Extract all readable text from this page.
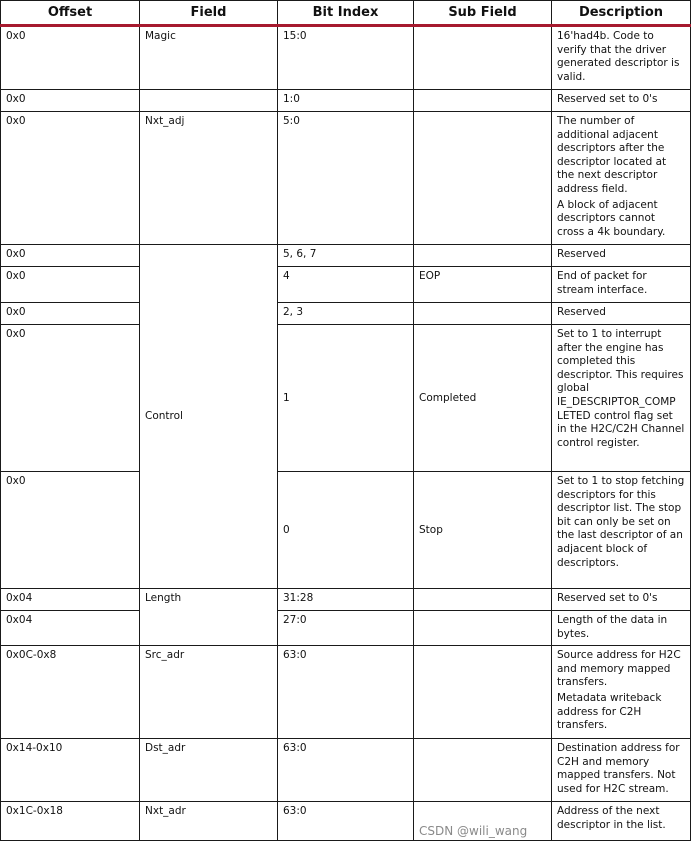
Offset	Field	Bit Index	Sub Field	Description
0x0	Magic	15:0		16'had4b. Code to verify that the driver generated descriptor is valid.

0x0		1:0		Reserved set to 0's

0x0	Nxt_adj	5:0		The number of additional adjacent descriptors after the descriptor located at the next descriptor address field.

A block of adjacent descriptors cannot cross a 4k boundary.

0x0	Control	5, 6, 7		Reserved

0x0		4	EOP	End of packet for stream interface.

0x0		2, 3		Reserved

0x0		1	Completed	Set to 1 to interrupt after the engine has completed this descriptor. This requires global IE_DESCRIPTOR_COMP LETED control flag set in the H2C/C2H Channel control register.

0x0		0	Stop	Set to 1 to stop fetching descriptors for this descriptor list. The stop bit can only be set on the last descriptor of an adjacent block of descriptors.

0x04	Length	31:28		Reserved set to 0's

0x04		27:0		Length of the data in bytes.

0x0C-0x8	Src_adr	63:0		Source address for H2C and memory mapped transfers.

Metadata writeback address for C2H transfers.

0x14-0x10	Dst_adr	63:0		Destination address for C2H and memory mapped transfers. Not used for H2C stream.

0x1C-0x18	Nxt_adr	63:0	CSDN @wili_wang	Address of the next descriptor in the list.
